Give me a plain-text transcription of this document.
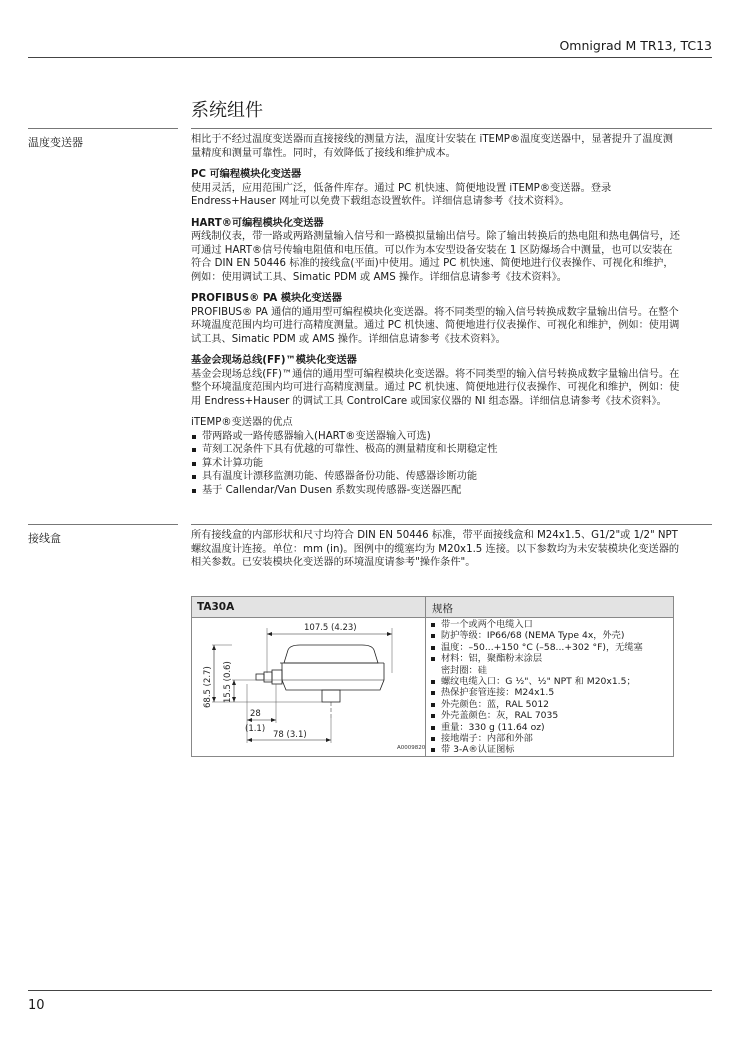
Omnigrad M TR13, TC13
系统组件
温度变送器	相比于不经过温度变送器而直接接线的测量方法，温度计安装在 iTEMP®温度变送器中，显著提升了温度测量精度和测量可靠性。同时，有效降低了接线和维护成本。

PC 可编程模块化变送器
使用灵活，应用范围广泛，低备件库存。通过 PC 机快速、简便地设置 iTEMP®变送器。登录 Endress+Hauser 网址可以免费下载组态设置软件。详细信息请参考《技术资料》。
HART®可编程模块化变送器
两线制仪表，带一路或两路测量输入信号和一路模拟量输出信号。除了输出转换后的热电阻和热电偶信号，还可通过 HART®信号传输电阻值和电压值。可以作为本安型设备安装在 1 区防爆场合中测量，也可以安装在符合 DIN EN 50446 标准的接线盒(平面)中使用。通过 PC 机快速、简便地进行仪表操作、可视化和维护，例如：使用调试工具、Simatic PDM 或 AMS 操作。详细信息请参考《技术资料》。
PROFIBUS® PA 模块化变送器
PROFIBUS® PA 通信的通用型可编程模块化变送器。将不同类型的输入信号转换成数字量输出信号。在整个环境温度范围内均可进行高精度测量。通过 PC 机快速、简便地进行仪表操作、可视化和维护，例如：使用调试工具、Simatic PDM 或 AMS 操作。详细信息请参考《技术资料》。
基金会现场总线(FF)™模块化变送器
基金会现场总线(FF)™通信的通用型可编程模块化变送器。将不同类型的输入信号转换成数字量输出信号。在整个环境温度范围内均可进行高精度测量。通过 PC 机快速、简便地进行仪表操作、可视化和维护，例如：使用 Endress+Hauser 的调试工具 ControlCare 或国家仪器的 NI 组态器。详细信息请参考《技术资料》。
iTEMP®变送器的优点
带两路或一路传感器输入(HART®变送器输入可选)
苛刻工况条件下具有优越的可靠性、极高的测量精度和长期稳定性
算术计算功能
具有温度计漂移监测功能、传感器备份功能、传感器诊断功能
基于 Callendar/Van Dusen 系数实现传感器-变送器匹配
接线盒	所有接线盒的内部形状和尺寸均符合 DIN EN 50446 标准，带平面接线盒和 M24x1.5、G1/2"或 1/2" NPT 螺纹温度计连接。单位：mm (in)。图例中的缆塞均为 M20x1.5 连接。以下参数均为未安装模块化变送器的相关参数。已安装模块化变送器的环境温度请参考"操作条件"。
TA30A	规格
107.5 (4.23)
68.5 (2.7) 15.5 (0.6)
28
(1.1)
78 (3.1)
A0009820
带一个或两个电缆入口
防护等级：IP66/68 (NEMA Type 4x，外壳)
温度：–50...+150 °C (–58...+302 °F)，无缆塞
材料：铝，聚酯粉末涂层
密封圈：硅
螺纹电缆入口：G ½"、½" NPT 和 M20x1.5；
热保护套管连接：M24x1.5
外壳颜色：蓝，RAL 5012
外壳盖颜色：灰，RAL 7035
重量：330 g (11.64 oz)
接地端子：内部和外部
带 3-A®认证图标
10
